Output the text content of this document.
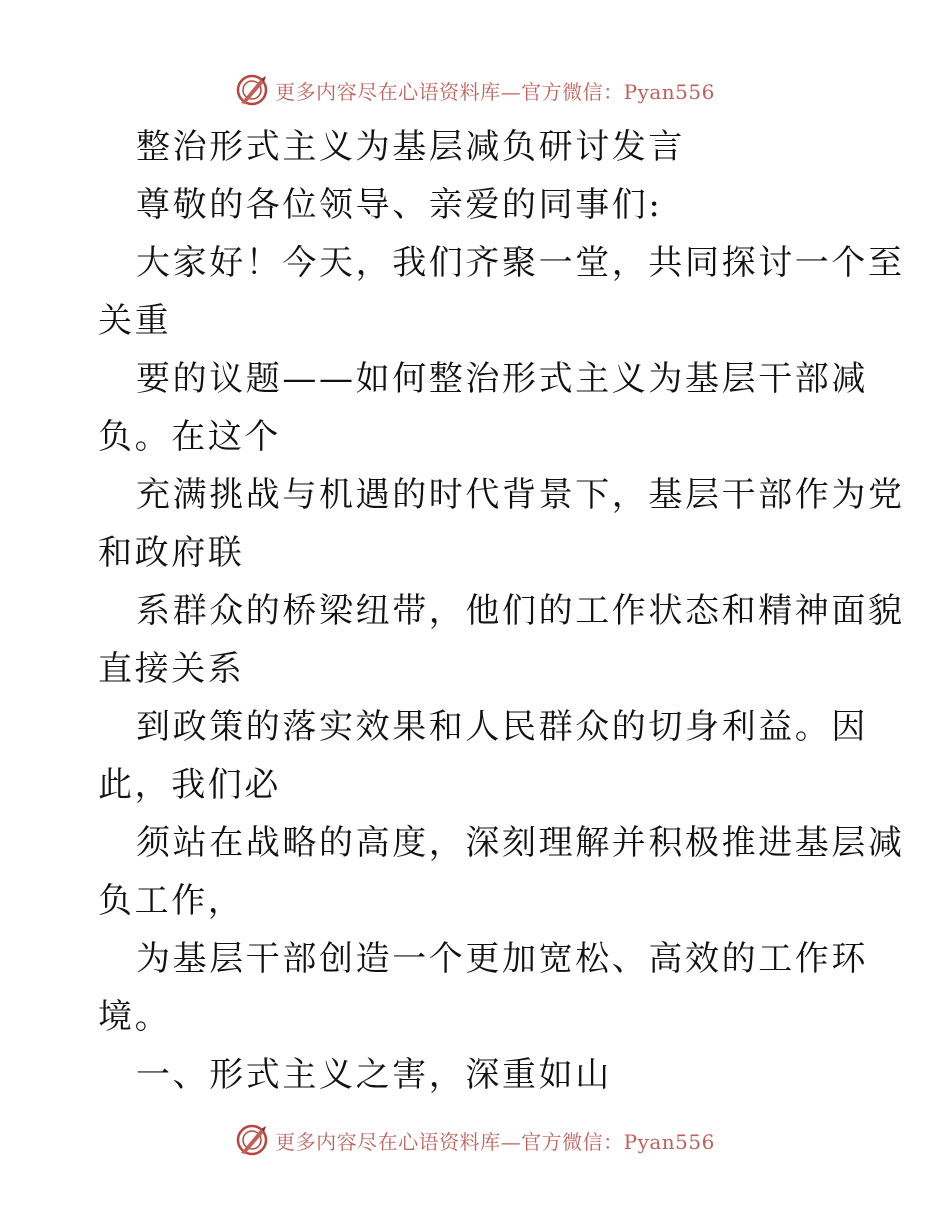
更多内容尽在心语资料库—官方微信：Pyan556

整治形式主义为基层减负研讨发言

尊敬的各位领导、亲爱的同事们:

大家好！今天，我们齐聚一堂，共同探讨一个至

关重

要的议题——如何整治形式主义为基层干部减

负。在这个

充满挑战与机遇的时代背景下，基层干部作为党

和政府联

系群众的桥梁纽带，他们的工作状态和精神面貌

直接关系

到政策的落实效果和人民群众的切身利益。因

此，我们必

须站在战略的高度，深刻理解并积极推进基层减

负工作，

为基层干部创造一个更加宽松、高效的工作环

境。

一、形式主义之害，深重如山

更多内容尽在心语资料库—官方微信：Pyan556
